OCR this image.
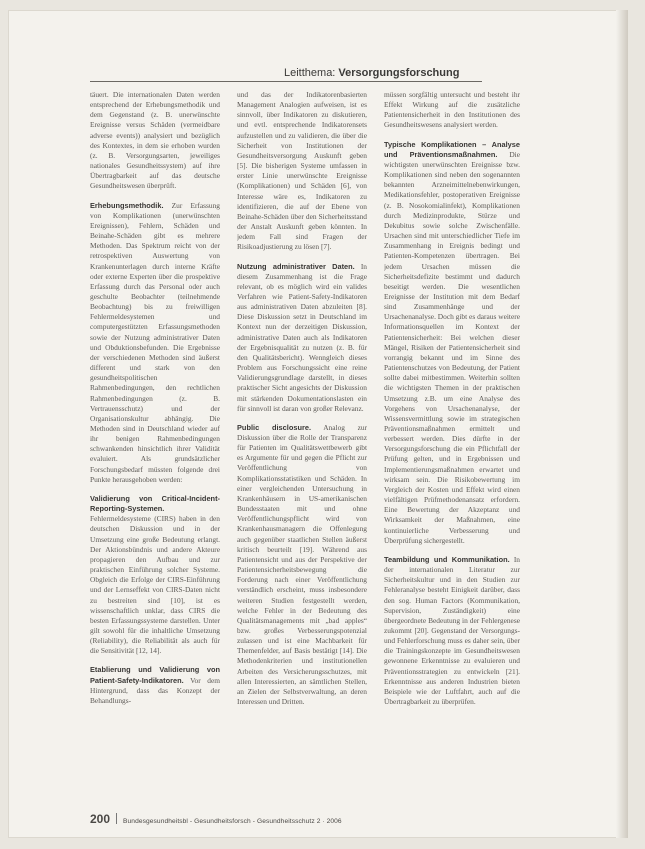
Leitthema: Versorgungsforschung

täuert. Die internationalen Daten werden entsprechend der Erhebungsmethodik und dem Gegenstand (z. B. unerwünschte Ereignisse versus Schäden (vermeidbare adverse events)) analysiert und bezüglich des Kontextes, in dem sie erhoben wurden (z. B. Versorgungsarten, jeweiliges nationales Gesundheitssystem) auf ihre Übertragbarkeit auf das deutsche Gesundheitswesen überprüft.

Erhebungsmethodik. Zur Erfassung von Komplikationen (unerwünschten Ereignissen), Fehlern, Schäden und Beinahe-Schäden gibt es mehrere Methoden. Das Spektrum reicht von der retrospektiven Auswertung von Krankenunterlagen durch interne Kräfte oder externe Experten über die prospektive Erfassung durch das Personal oder auch geschulte Beobachter (teilnehmende Beobachtung) bis zu freiwilligen Fehlermeldesystemen und computergestützten Erfassungsmethoden sowie der Nutzung administrativer Daten und Obduktionsbefunden. Die Ergebnisse der verschiedenen Methoden sind äußerst different und stark von den gesundheitspolitischen Rahmenbedingungen, den rechtlichen Rahmenbedingungen (z. B. Vertrauensschutz) und der Organisationskultur abhängig. Die Methoden sind in Deutschland wieder auf ihr benigen Rahmenbedingungen schwankenden hinsichtlich ihrer Validität evaluiert. Als grundsätzlicher Forschungsbedarf müssten folgende drei Punkte herausgehoben werden:

Validierung von Critical-Incident-Reporting-Systemen. Fehlermeldesysteme (CIRS) haben in den deutschen Diskussion und in der Umsetzung eine große Bedeutung erlangt. Der Aktionsbündnis und andere Akteure propagieren den Aufbau und zur praktischen Einführung solcher Systeme. Obgleich die Erfolge der CIRS-Einführung und der Lernseffekt von CIRS-Daten nicht zu bestreiten sind [10], ist es wissenschaftlich unklar, dass CIRS die besten Erfassungssysteme darstellen. Unter gilt sowohl für die inhaltliche Umsetzung (Reliability), die Reliabilität als auch für die Sensitivität [12, 14].

Etablierung und Validierung von Patient-Safety-Indikatoren. Vor dem Hintergrund, dass das Konzept der Behandlungs-

und das der Indikatorenbasierten Management Analogien aufweisen, ist es sinnvoll, über Indikatoren zu diskutieren, und evtl. entsprechende Indikatorensets aufzustellen und zu validieren, die über die Sicherheit von Institutionen der Gesundheitsversorgung Auskunft geben [5]. Die bisherigen Systeme umfassen in erster Linie unerwünschte Ereignisse (Komplikationen) und Schäden [6], von Interesse wäre es, Indikatoren zu identifizieren, die auf der Ebene von Beinahe-Schäden über den Sicherheitsstand der Anstalt Auskunft geben könnten. In jedem Fall sind Fragen der Risikoadjustierung zu lösen [7].

Nutzung administrativer Daten. In diesem Zusammenhang ist die Frage relevant, ob es möglich wird ein valides Verfahren wie Patient-Safety-Indikatoren aus administrativen Daten abzuleiten [8]. Diese Diskussion setzt in Deutschland im Kontext nun der derzeitigen Diskussion, administrative Daten auch als Indikatoren der Ergebnisqualität zu nutzen (z. B. für den Qualitätsbericht). Wenngleich dieses Problem aus Forschungssicht eine reine Validierungsgrundlage darstellt, in dieses praktischer Sicht angesichts der Diskussion mit stärkenden Dokumentationslasten ein für sinnvoll ist daran von großer Relevanz.

Public disclosure. Analog zur Diskussion über die Rolle der Transparenz für Patienten im Qualitätswettbewerb gibt es Argumente für und gegen die Pflicht zur Veröffentlichung von Komplikationsstatistiken und Schäden. In einer vergleichenden Untersuchung in Krankenhäusern in US-amerikanischen Bundesstaaten mit und ohne Veröffentlichungspflicht wird von Krankenhausmanagern die Offenlegung auch gegenüber staatlichen Stellen äußerst kritisch beurteilt [19]. Während aus Patientensicht und aus der Perspektive der Patientensicherheitsbewegung die Forderung nach einer Veröffentlichung verständlich erscheint, muss insbesondere weiteren Studien festgestellt werden, welche Fehler in der Bedeutung des Qualitätsmanagements mit „bad apples“ bzw. großes Verbesserungspotenzial zulassen und ist eine Machbarkeit für Themenfelder, auf Basis bestätigt [14]. Die Methodenkriterien und institutionellen Arbeiten des Versicherungsschutzes, mit allen Interessierten, an sämtlichen Stellen, an Zielen der Selbstverwaltung, an deren Interessen und Dritten.

müssen sorgfältig untersucht und besteht ihr Effekt Wirkung auf die zusätzliche Patientensicherheit in den Institutionen des Gesundheitswesens analysiert werden.

Typische Komplikationen – Analyse und Präventionsmaßnahmen. Die wichtigsten unerwünschten Ereignisse bzw. Komplikationen sind neben den sogenannten bekannten Arzneimittelnebenwirkungen, Medikationsfehler, postoperativen Ereignisse (z. B. Nosokomialinfekt), Komplikationen durch Medizinprodukte, Stürze und Dekubitus sowie solche Zwischenfälle. Ursachen sind mit unterschiedlicher Tiefe im Zusammenhang in Ereignis bedingt und Patienten-Kompetenzen übertragen. Bei jedem Ursachen müssen die Sicherheitsdefizite bestimmt und dadurch beseitigt werden. Die wesentlichen Ereignisse der Institution mit dem Bedarf sind Zusammenhänge und der Ursachenanalyse. Doch gibt es daraus weitere Informationsquellen im Kontext der Patientensicherheit: Bei welchen dieser Mängel, Risiken der Patientensicherheit sind vorrangig bekannt und im Sinne des Patientenschutzes von Bedeutung, der Patient sollte dabei mitbestimmen. Weiterhin sollten die wichtigsten Themen in der praktischen Umsetzung z.B. um eine Analyse des Vorgehens von Ursachenanalyse, der Wissensvermittlung sowie im strategischen Präventionsmaßnahmen ermittelt und verbessert werden. Dies dürfte in der Versorgungsforschung die ein Pflichtfall der Prüfung gelten, und in Ergebnissen und Implementierungsmaßnahmen erwartet und wirksam sein. Die Risikobewertung im Vergleich der Kosten und Effekt wird einen vielfältigen Prüfmethodenansatz erfordern. Eine Bewertung der Akzeptanz und Wirksamkeit der Maßnahmen, eine kontinuierliche Verbesserung und Überprüfung sichergestellt.

Teambildung und Kommunikation. In der internationalen Literatur zur Sicherheitskultur und in den Studien zur Fehleranalyse besteht Einigkeit darüber, dass den sog. Human Factors (Kommunikation, Supervision, Zuständigkeit) eine übergeordnete Bedeutung in der Fehlergenese zukommt [20]. Gegenstand der Versorgungs- und Fehlerforschung muss es daher sein, über die Trainingskonzepte im Gesundheitswesen gewonnene Erkenntnisse zu evaluieren und Präventionsstrategien zu entwickeln [21]. Erkenntnisse aus anderen Industrien bieten Beispiele wie der Luftfahrt, auch auf die Übertragbarkeit zu überprüfen.

200 Bundesgesundheitsbl - Gesundheitsforsch - Gesundheitsschutz 2 · 2006
